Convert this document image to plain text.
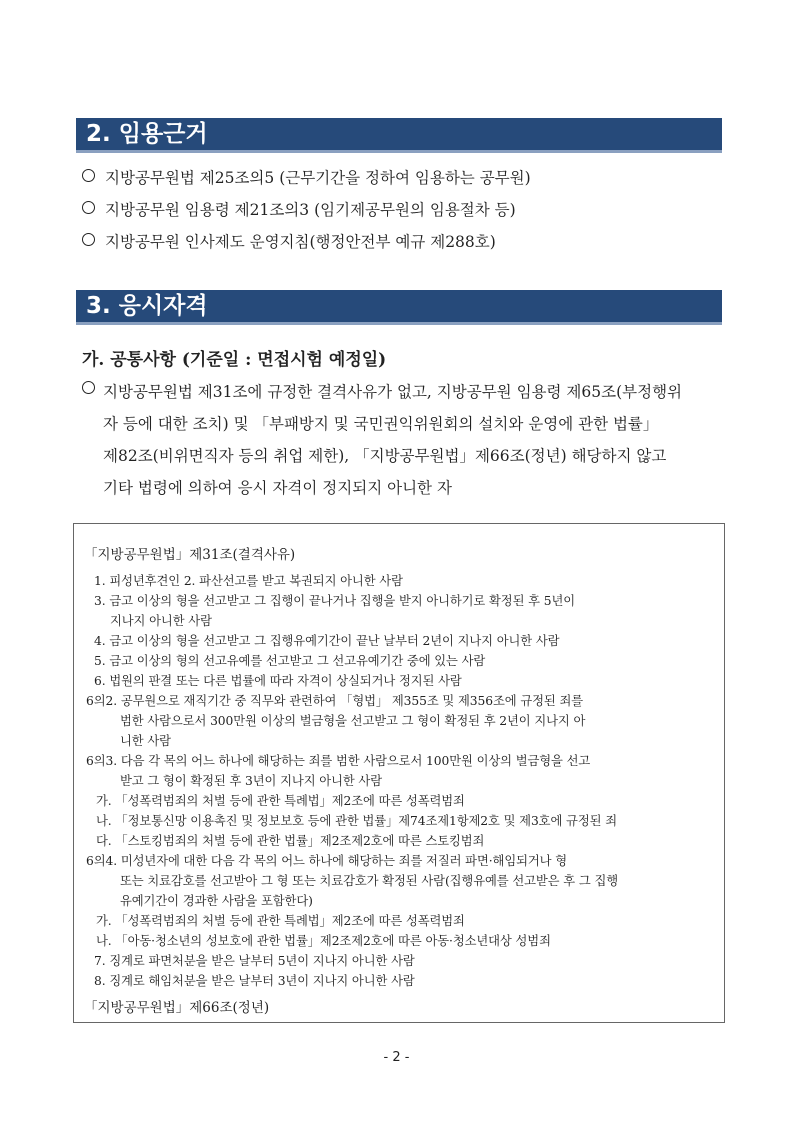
2. 임용근거
지방공무원법 제25조의5 (근무기간을 정하여 임용하는 공무원)
지방공무원 임용령 제21조의3 (임기제공무원의 임용절차 등)
지방공무원 인사제도 운영지침(행정안전부 예규 제288호)
3. 응시자격
가. 공통사항 (기준일 : 면접시험 예정일)

지방공무원법 제31조에 규정한 결격사유가 없고, 지방공무원 임용령 제65조(부정행위

자 등에 대한 조치) 및 「부패방지 및 국민권익위원회의 설치와 운영에 관한 법률」

제82조(비위면직자 등의 취업 제한), 「지방공무원법」제66조(정년) 해당하지 않고

기타 법령에 의하여 응시 자격이 정지되지 아니한 자

「지방공무원법」제31조(결격사유)
1. 피성년후견인 2. 파산선고를 받고 복권되지 아니한 사람
3. 금고 이상의 형을 선고받고 그 집행이 끝나거나 집행을 받지 아니하기로 확정된 후 5년이
지나지 아니한 사람
4. 금고 이상의 형을 선고받고 그 집행유예기간이 끝난 날부터 2년이 지나지 아니한 사람
5. 금고 이상의 형의 선고유예를 선고받고 그 선고유예기간 중에 있는 사람
6. 법원의 판결 또는 다른 법률에 따라 자격이 상실되거나 정지된 사람
6의2. 공무원으로 재직기간 중 직무와 관련하여 「형법」 제355조 및 제356조에 규정된 죄를
범한 사람으로서 300만원 이상의 벌금형을 선고받고 그 형이 확정된 후 2년이 지나지 아
니한 사람
6의3. 다음 각 목의 어느 하나에 해당하는 죄를 범한 사람으로서 100만원 이상의 벌금형을 선고
받고 그 형이 확정된 후 3년이 지나지 아니한 사람
가. 「성폭력범죄의 처벌 등에 관한 특례법」제2조에 따른 성폭력범죄
나. 「정보통신망 이용촉진 및 정보보호 등에 관한 법률」제74조제1항제2호 및 제3호에 규정된 죄
다. 「스토킹범죄의 처벌 등에 관한 법률」제2조제2호에 따른 스토킹범죄
6의4. 미성년자에 대한 다음 각 목의 어느 하나에 해당하는 죄를 저질러 파면·해임되거나 형
또는 치료감호를 선고받아 그 형 또는 치료감호가 확정된 사람(집행유예를 선고받은 후 그 집행
유예기간이 경과한 사람을 포함한다)
가. 「성폭력범죄의 처벌 등에 관한 특례법」제2조에 따른 성폭력범죄
나. 「아동·청소년의 성보호에 관한 법률」제2조제2호에 따른 아동·청소년대상 성범죄
7. 징계로 파면처분을 받은 날부터 5년이 지나지 아니한 사람
8. 징계로 해임처분을 받은 날부터 3년이 지나지 아니한 사람
「지방공무원법」제66조(정년)
- 2 -
